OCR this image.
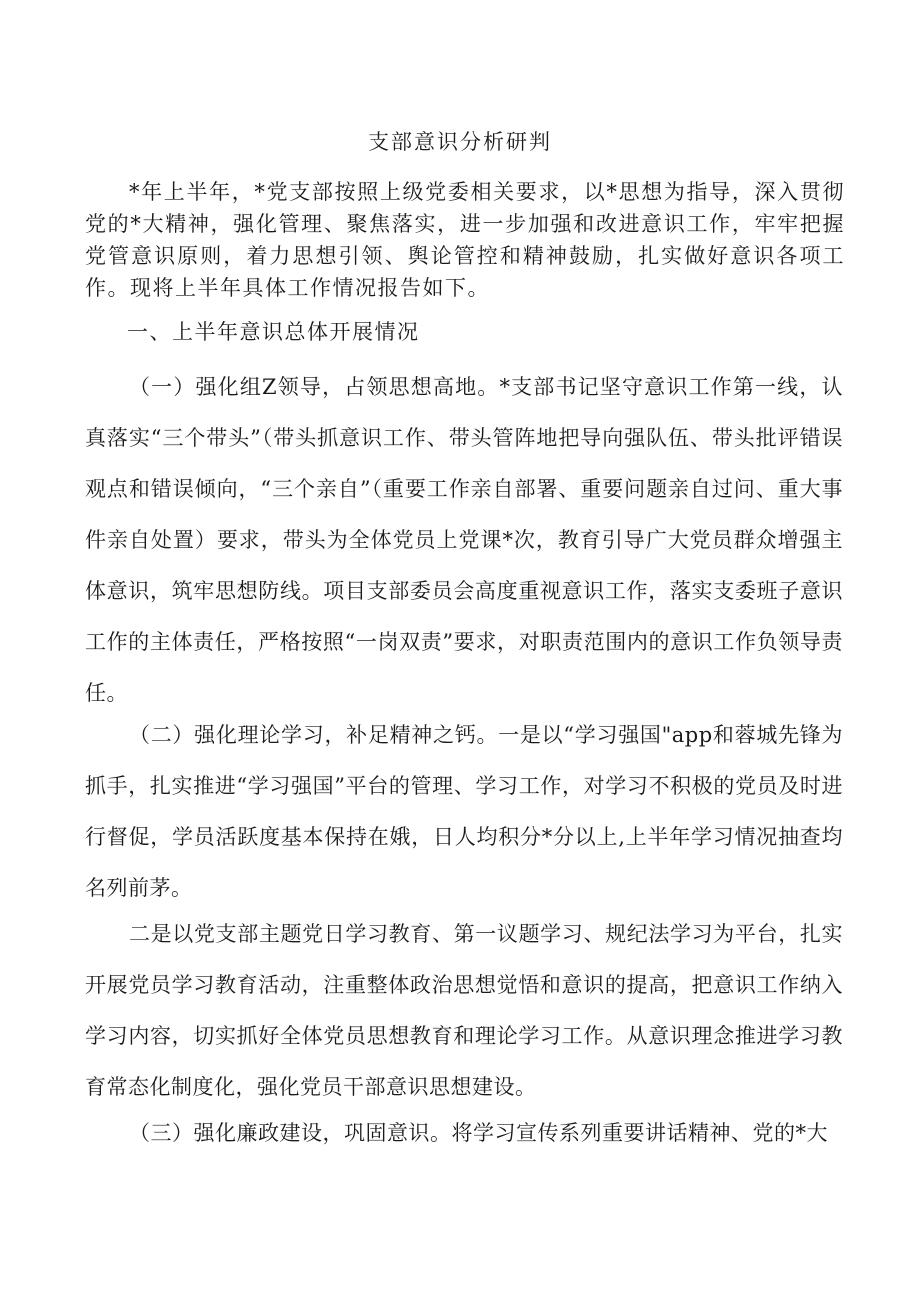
支部意识分析研判

*年上半年，*党支部按照上级党委相关要求，以*思想为指导，深入贯彻党的*大精神，强化管理、聚焦落实，进一步加强和改进意识工作，牢牢把握党管意识原则，着力思想引领、舆论管控和精神鼓励，扎实做好意识各项工作。现将上半年具体工作情况报告如下。

一、上半年意识总体开展情况

（一）强化组Z领导，占领思想高地。*支部书记坚守意识工作第一线，认真落实“三个带头”（带头抓意识工作、带头管阵地把导向强队伍、带头批评错误观点和错误倾向，“三个亲自”（重要工作亲自部署、重要问题亲自过问、重大事件亲自处置）要求，带头为全体党员上党课*次，教育引导广大党员群众增强主体意识，筑牢思想防线。项目支部委员会高度重视意识工作，落实支委班子意识工作的主体责任，严格按照“一岗双责”要求，对职责范围内的意识工作负领导责任。

（二）强化理论学习，补足精神之钙。一是以“学习强国"app和蓉城先锋为抓手，扎实推进“学习强国”平台的管理、学习工作，对学习不积极的党员及时进行督促，学员活跃度基本保持在娥，日人均积分*分以上,上半年学习情况抽查均名列前茅。

二是以党支部主题党日学习教育、第一议题学习、规纪法学习为平台，扎实开展党员学习教育活动，注重整体政治思想觉悟和意识的提高，把意识工作纳入学习内容，切实抓好全体党员思想教育和理论学习工作。从意识理念推进学习教育常态化制度化，强化党员干部意识思想建设。

（三）强化廉政建设，巩固意识。将学习宣传系列重要讲话精神、党的*大
